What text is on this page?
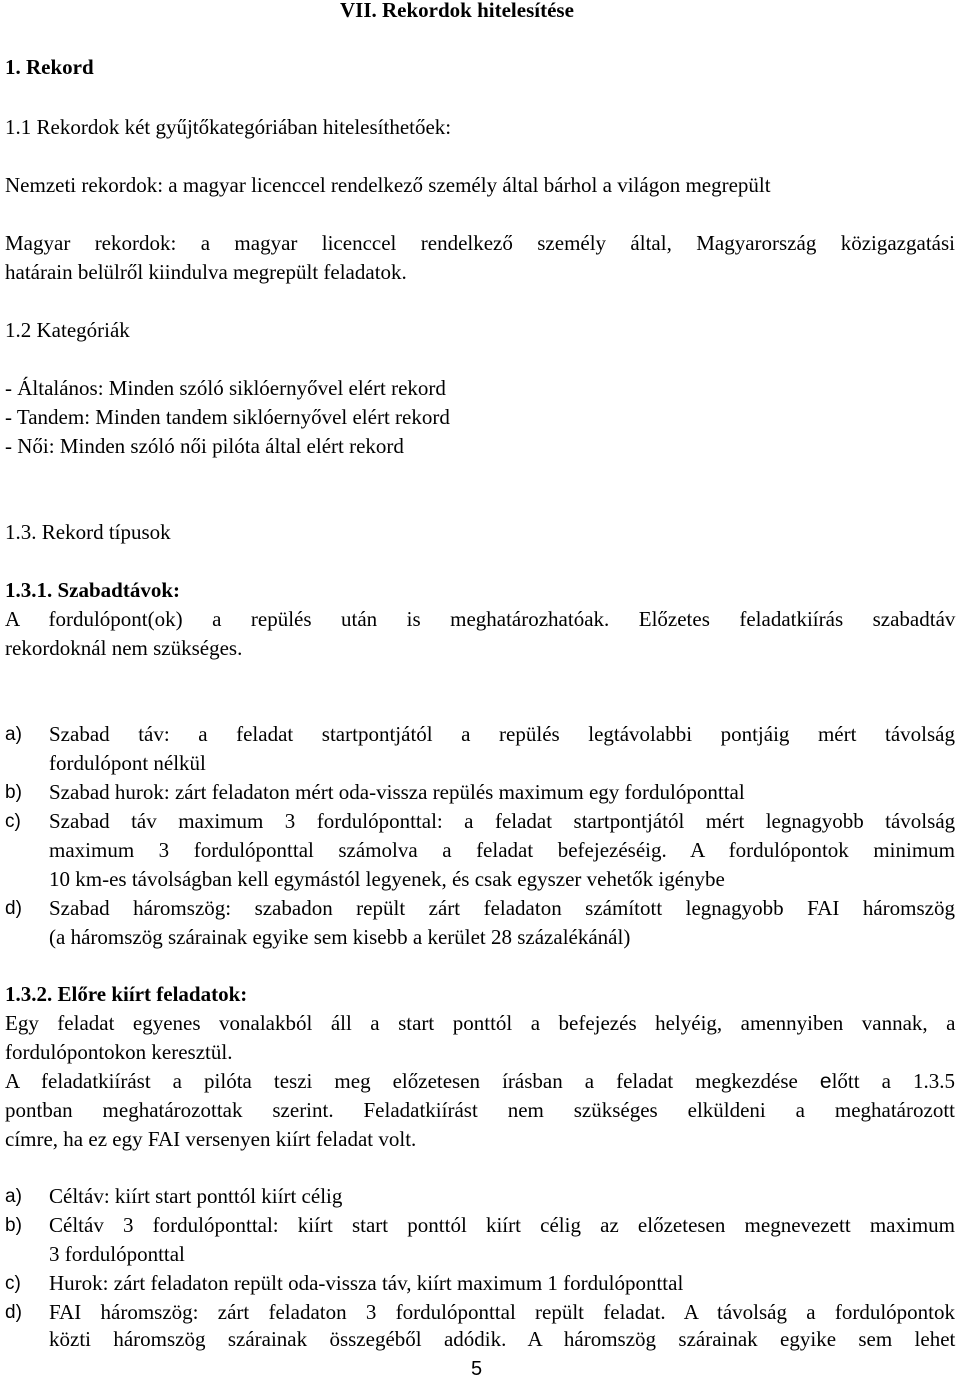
VII. Rekordok hitelesítése
1. Rekord
1.1 Rekordok két gyűjtőkategóriában hitelesíthetőek:
Nemzeti rekordok: a magyar licenccel rendelkező személy által bárhol a világon megrepült
Magyar rekordok: a magyar licenccel rendelkező személy által, Magyarország közigazgatási
határain belülről kiindulva megrepült feladatok.
1.2 Kategóriák
- Általános: Minden szóló siklóernyővel elért rekord
- Tandem: Minden tandem siklóernyővel elért rekord
- Női: Minden szóló női pilóta által elért rekord
1.3. Rekord típusok
1.3.1. Szabadtávok:
A fordulópont(ok) a repülés után is meghatározhatóak. Előzetes feladatkiírás szabadtáv
rekordoknál nem szükséges.
a) Szabad táv: a feladat startpontjától a repülés legtávolabbi pontjáig mért távolság
fordulópont nélkül
b) Szabad hurok: zárt feladaton mért oda-vissza repülés maximum egy fordulóponttal
c) Szabad táv maximum 3 fordulóponttal: a feladat startpontjától mért legnagyobb távolság
maximum 3 fordulóponttal számolva a feladat befejezéséig. A fordulópontok minimum
10 km-es távolságban kell egymástól legyenek, és csak egyszer vehetők igénybe
d) Szabad háromszög: szabadon repült zárt feladaton számított legnagyobb FAI háromszög
(a háromszög szárainak egyike sem kisebb a kerület 28 százalékánál)
1.3.2. Előre kiírt feladatok:
Egy feladat egyenes vonalakból áll a start ponttól a befejezés helyéig, amennyiben vannak, a
fordulópontokon keresztül.
A feladatkiírást a pilóta teszi meg előzetesen írásban a feladat megkezdése előtt a 1.3.5
pontban meghatározottak szerint. Feladatkiírást nem szükséges elküldeni a meghatározott
címre, ha ez egy FAI versenyen kiírt feladat volt.
a) Céltáv: kiírt start ponttól kiírt célig
b) Céltáv 3 fordulóponttal: kiírt start ponttól kiírt célig az előzetesen megnevezett maximum
3 fordulóponttal
c) Hurok: zárt feladaton repült oda-vissza táv, kiírt maximum 1 fordulóponttal
d) FAI háromszög: zárt feladaton 3 fordulóponttal repült feladat. A távolság a fordulópontok
közti háromszög szárainak összegéből adódik. A háromszög szárainak egyike sem lehet
5
